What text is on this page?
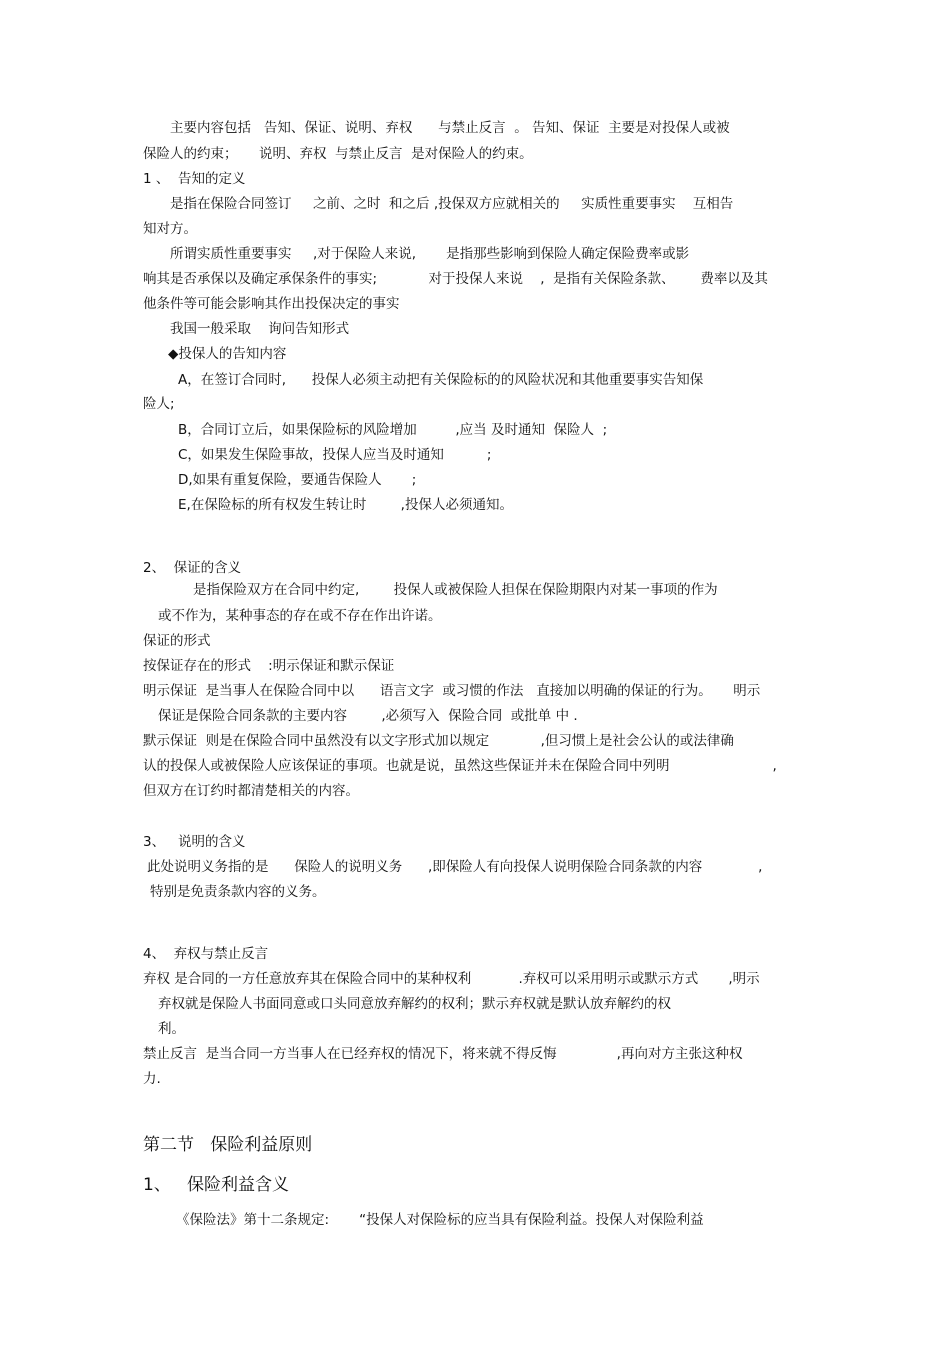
主要内容包括   告知、保证、说明、弃权      与禁止反言  。 告知、保证  主要是对投保人或被
保险人的约束；     说明、弃权  与禁止反言  是对保险人的约束。
1 、  告知的定义
是指在保险合同签订     之前、之时  和之后 ,投保双方应就相关的     实质性重要事实    互相告
知对方。
所谓实质性重要事实     ,对于保险人来说,       是指那些影响到保险人确定保险费率或影
响其是否承保以及确定承保条件的事实;            对于投保人来说    ,  是指有关保险条款、      费率以及其
他条件等可能会影响其作出投保决定的事实
我国一般采取    询问告知形式
◆投保人的告知内容
A，在签订合同时,      投保人必须主动把有关保险标的的风险状况和其他重要事实告知保
险人;
B，合同订立后，如果保险标的风险增加         ,应当 及时通知  保险人  ;
C，如果发生保险事故，投保人应当及时通知          ;
D,如果有重复保险，要通告保险人       ;
E,在保险标的所有权发生转让时        ,投保人必须通知。
2、  保证的含义
是指保险双方在合同中约定,        投保人或被保险人担保在保险期限内对某一事项的作为
或不作为，某种事态的存在或不存在作出许诺。
保证的形式
按保证存在的形式    :明示保证和默示保证
明示保证  是当事人在保险合同中以      语言文字  或习惯的作法   直接加以明确的保证的行为。     明示
保证是保险合同条款的主要内容        ,必须写入  保险合同  或批单 中 .
默示保证  则是在保险合同中虽然没有以文字形式加以规定            ,但习惯上是社会公认的或法律确
认的投保人或被保险人应该保证的事项。也就是说，虽然这些保证并未在保险合同中列明                        ,
但双方在订约时都清楚相关的内容。
3、   说明的含义
此处说明义务指的是      保险人的说明义务      ,即保险人有向投保人说明保险合同条款的内容             ,
特别是免责条款内容的义务。
4、  弃权与禁止反言
弃权 是合同的一方任意放弃其在保险合同中的某种权利           .弃权可以采用明示或默示方式       ,明示
弃权就是保险人书面同意或口头同意放弃解约的权利；默示弃权就是默认放弃解约的权
利。
禁止反言  是当合同一方当事人在已经弃权的情况下，将来就不得反悔              ,再向对方主张这种权
力.
第二节   保险利益原则
1、   保险利益含义
《保险法》第十二条规定:       “投保人对保险标的应当具有保险利益。投保人对保险利益
